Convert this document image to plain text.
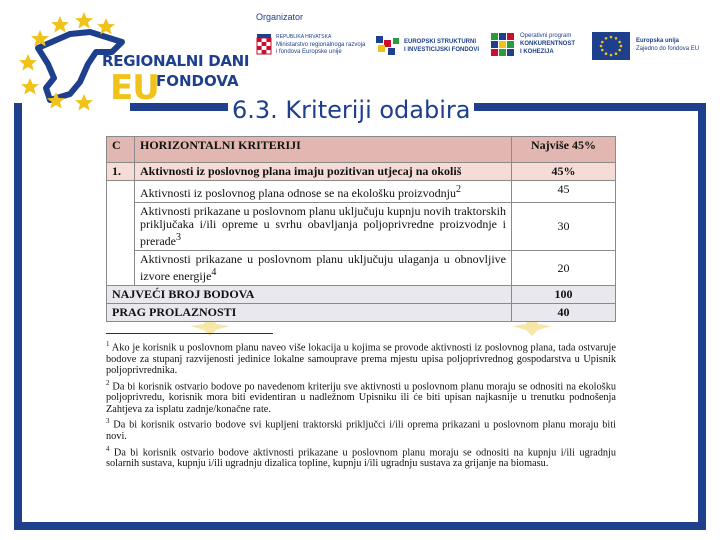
REGIONALNI DANI
EU
FONDOVA
Organizator
REPUBLIKA HRVATSKA
Ministarstvo regionalnoga razvoja
i fondova Europske unije
EUROPSKI STRUKTURNI
I INVESTICIJSKI FONDOVI
Operativni program
KONKURENTNOST
I KOHEZIJA
Europska unija
Zajedno do fondova EU
6.3. Kriteriji odabira
C	HORIZONTALNI KRITERIJI	Najviše 45%
1.	Aktivnosti iz poslovnog plana imaju pozitivan utjecaj na okoliš	45%
	Aktivnosti iz poslovnog plana odnose se na ekološku proizvodnju$^2$	45
	Aktivnosti prikazane u poslovnom planu uključuju kupnju novih traktorskih priključaka i/ili opreme u svrhu obavljanja poljoprivredne proizvodnje i prerade$^3$	30
	Aktivnosti prikazane u poslovnom planu uključuju ulaganja u obnovljive izvore energije$^4$	20
NAJVEĆI BROJ BODOVA		100
PRAG PROLAZNOSTI		40

$^1$ Ako je korisnik u poslovnom planu naveo više lokacija u kojima se provode aktivnosti iz poslovnog plana, tada ostvaruje bodove za stupanj razvijenosti jedinice lokalne samouprave prema mjestu upisa poljoprivrednog gospodarstva u Upisnik poljoprivrednika.

$^2$ Da bi korisnik ostvario bodove po navedenom kriteriju sve aktivnosti u poslovnom planu moraju se odnositi na ekološku poljoprivredu, korisnik mora biti evidentiran u nadležnom Upisniku ili će biti upisan najkasnije u trenutku podnošenja Zahtjeva za isplatu zadnje/konačne rate.

$^3$ Da bi korisnik ostvario bodove svi kupljeni traktorski priključci i/ili oprema prikazani u poslovnom planu moraju biti novi.

$^4$ Da bi korisnik ostvario bodove aktivnosti prikazane u poslovnom planu moraju se odnositi na kupnju i/ili ugradnju solarnih sustava, kupnju i/ili ugradnju dizalica topline, kupnju i/ili ugradnju sustava za grijanje na biomasu.
